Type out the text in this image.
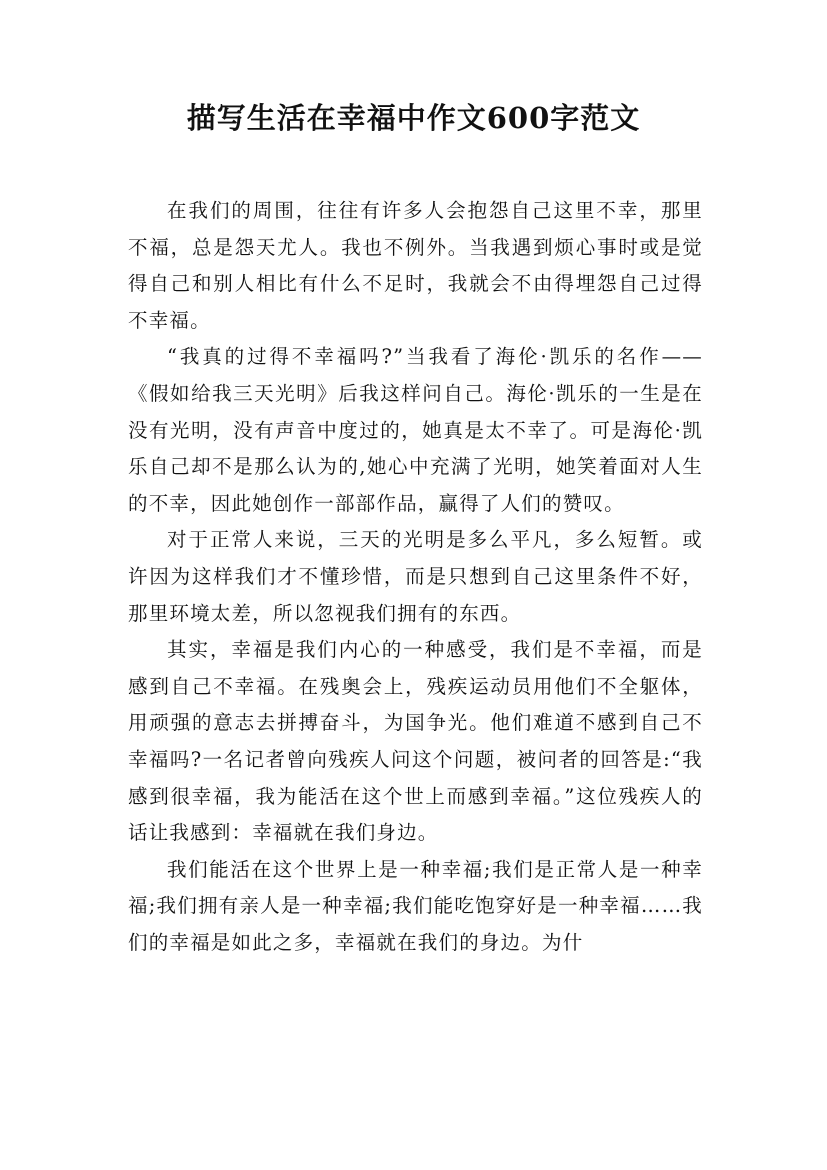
描写生活在幸福中作文600字范文

在我们的周围，往往有许多人会抱怨自己这里不幸，那里不福，总是怨天尤人。我也不例外。当我遇到烦心事时或是觉得自己和别人相比有什么不足时，我就会不由得埋怨自己过得不幸福。

“我真的过得不幸福吗?”当我看了海伦·凯乐的名作——《假如给我三天光明》后我这样问自己。海伦·凯乐的一生是在没有光明，没有声音中度过的，她真是太不幸了。可是海伦·凯乐自己却不是那么认为的,她心中充满了光明，她笑着面对人生的不幸，因此她创作一部部作品，赢得了人们的赞叹。

对于正常人来说，三天的光明是多么平凡，多么短暂。或许因为这样我们才不懂珍惜，而是只想到自己这里条件不好，那里环境太差，所以忽视我们拥有的东西。

其实，幸福是我们内心的一种感受，我们是不幸福，而是感到自己不幸福。在残奥会上，残疾运动员用他们不全躯体，用顽强的意志去拼搏奋斗，为国争光。他们难道不感到自己不幸福吗?一名记者曾向残疾人问这个问题，被问者的回答是:“我感到很幸福，我为能活在这个世上而感到幸福。”这位残疾人的话让我感到：幸福就在我们身边。

我们能活在这个世界上是一种幸福;我们是正常人是一种幸福;我们拥有亲人是一种幸福;我们能吃饱穿好是一种幸福……我们的幸福是如此之多，幸福就在我们的身边。为什
